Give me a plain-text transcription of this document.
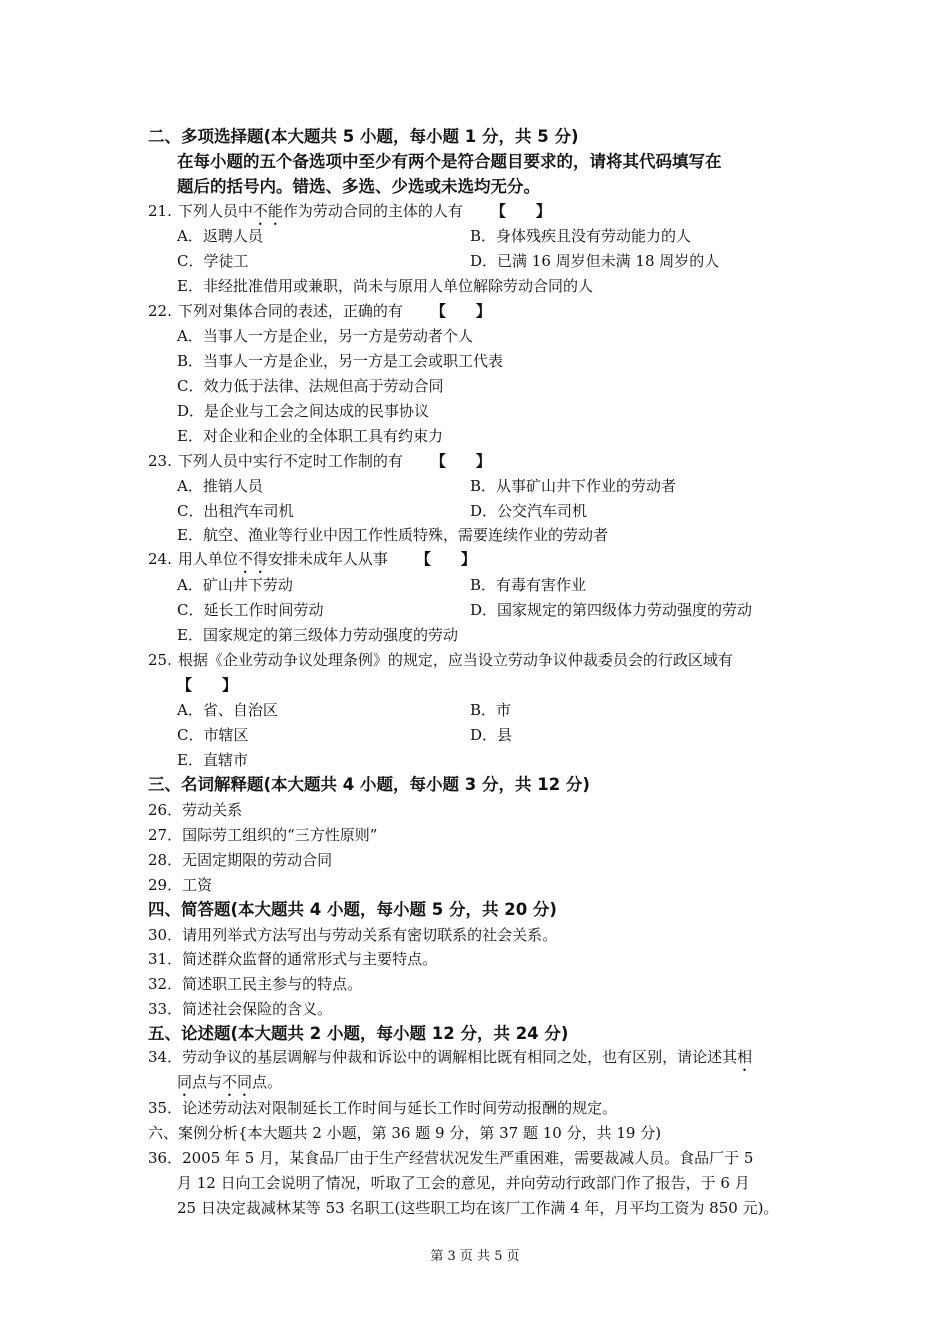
二、多项选择题(本大题共 5 小题，每小题 1 分，共 5 分)
在每小题的五个备选项中至少有两个是符合题目要求的，请将其代码填写在
题后的括号内。错选、多选、少选或未选均无分。
21. 下列人员中不能作为劳动合同的主体的人有 【　　】
A．返聘人员	B．身体残疾且没有劳动能力的人
C．学徒工	D．已满 16 周岁但未满 18 周岁的人
E．非经批准借用或兼职，尚未与原用人单位解除劳动合同的人
22. 下列对集体合同的表述，正确的有 【　　】
A．当事人一方是企业，另一方是劳动者个人
B．当事人一方是企业，另一方是工会或职工代表
C．效力低于法律、法规但高于劳动合同
D．是企业与工会之间达成的民事协议
E．对企业和企业的全体职工具有约束力
23. 下列人员中实行不定时工作制的有 【　　】
A．推销人员	B．从事矿山井下作业的劳动者
C．出租汽车司机	D．公交汽车司机
E．航空、渔业等行业中因工作性质特殊，需要连续作业的劳动者
24. 用人单位不得安排未成年人从事 【　　】
A．矿山井下劳动	B．有毒有害作业
C．延长工作时间劳动	D．国家规定的第四级体力劳动强度的劳动
E．国家规定的第三级体力劳动强度的劳动
25. 根据《企业劳动争议处理条例》的规定，应当设立劳动争议仲裁委员会的行政区域有
【　　】
A．省、自治区	B．市
C．市辖区	D．县
E．直辖市
三、名词解释题(本大题共 4 小题，每小题 3 分，共 12 分)
26．劳动关系
27．国际劳工组织的“三方性原则”
28．无固定期限的劳动合同
29．工资
四、简答题(本大题共 4 小题，每小题 5 分，共 20 分)
30．请用列举式方法写出与劳动关系有密切联系的社会关系。
31．简述群众监督的通常形式与主要特点。
32．简述职工民主参与的特点。
33．简述社会保险的含义。
五、论述题(本大题共 2 小题，每小题 12 分，共 24 分)
34．劳动争议的基层调解与仲裁和诉讼中的调解相比既有相同之处，也有区别，请论述其相
同点与不同点。
35．论述劳动法对限制延长工作时间与延长工作时间劳动报酬的规定。
六、案例分析{本大题共 2 小题，第 36 题 9 分，第 37 题 10 分，共 19 分)
36．2005 年 5 月，某食品厂由于生产经营状况发生严重困难，需要裁减人员。食品厂于 5
月 12 日向工会说明了情况，听取了工会的意见，并向劳动行政部门作了报告，于 6 月
25 日决定裁减林某等 53 名职工(这些职工均在该厂工作满 4 年，月平均工资为 850 元)。
第 3 页 共 5 页
